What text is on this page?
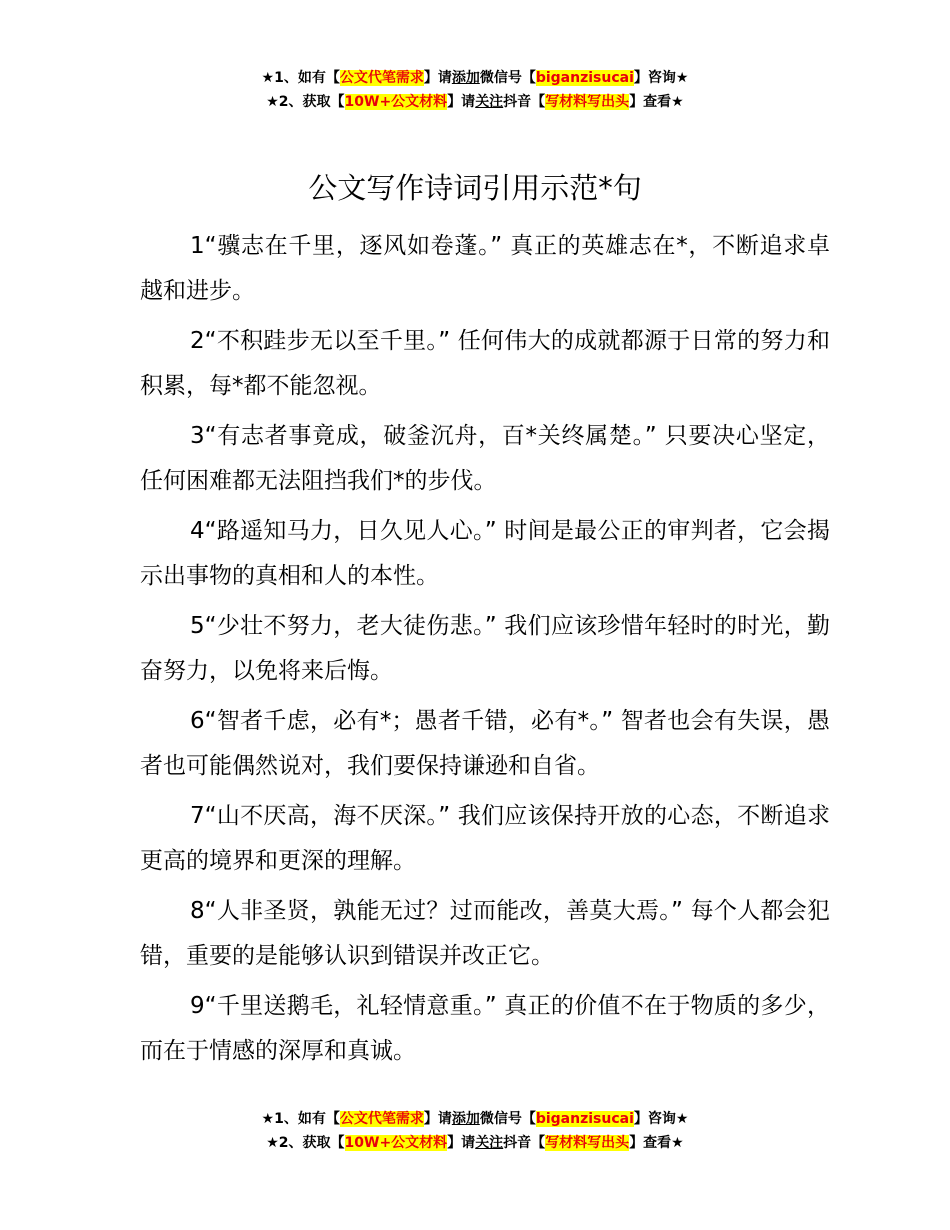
★1、如有【公文代笔需求】请添加微信号【biganzisucai】咨询★
★2、获取【10W+公文材料】请关注抖音【写材料写出头】查看★
公文写作诗词引用示范*句

1“骥志在千里，逐风如卷蓬。” 真正的英雄志在*，不断追求卓越和进步。

2“不积跬步无以至千里。” 任何伟大的成就都源于日常的努力和积累，每*都不能忽视。

3“有志者事竟成，破釜沉舟，百*关终属楚。” 只要决心坚定，任何困难都无法阻挡我们*的步伐。

4“路遥知马力，日久见人心。” 时间是最公正的审判者，它会揭示出事物的真相和人的本性。

5“少壮不努力，老大徒伤悲。” 我们应该珍惜年轻时的时光，勤奋努力，以免将来后悔。

6“智者千虑，必有*；愚者千错，必有*。” 智者也会有失误，愚者也可能偶然说对，我们要保持谦逊和自省。

7“山不厌高，海不厌深。” 我们应该保持开放的心态，不断追求更高的境界和更深的理解。

8“人非圣贤，孰能无过？过而能改，善莫大焉。” 每个人都会犯错，重要的是能够认识到错误并改正它。

9“千里送鹅毛，礼轻情意重。” 真正的价值不在于物质的多少，而在于情感的深厚和真诚。

★1、如有【公文代笔需求】请添加微信号【biganzisucai】咨询★
★2、获取【10W+公文材料】请关注抖音【写材料写出头】查看★
